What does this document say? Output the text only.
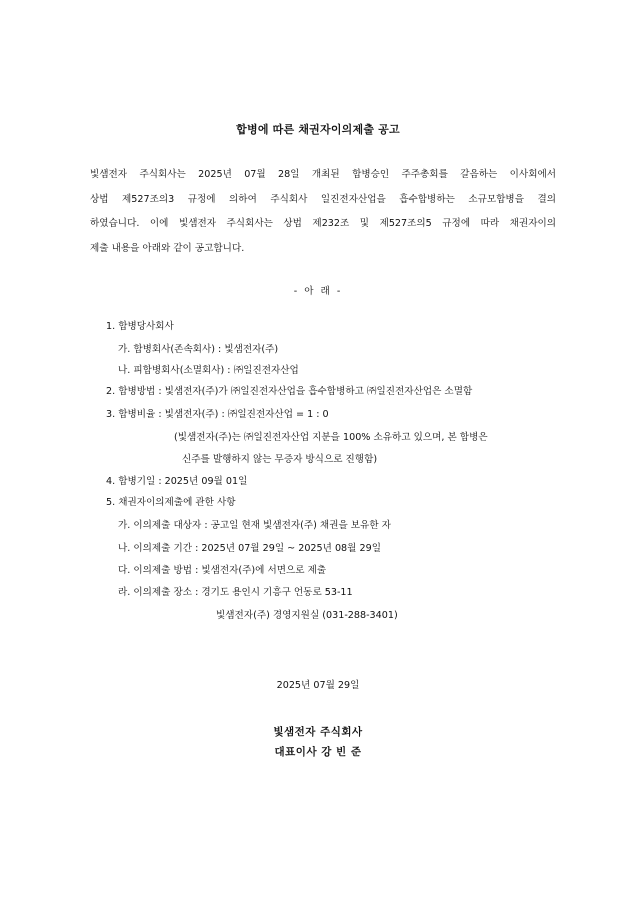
합병에 따른 채권자이의제출 공고

빛샘전자 주식회사는 2025년 07월 28일 개최된 합병승인 주주총회를 갈음하는 이사회에서

상법 제527조의3 규정에 의하여 주식회사 일진전자산업을 흡수합병하는 소규모합병을 결의

하였습니다. 이에 빛샘전자 주식회사는 상법 제232조 및 제527조의5 규정에 따라 채권자이의

제출 내용을 아래와 같이 공고합니다.

- 아 래 -
1. 합병당사회사
가. 합병회사(존속회사) : 빛샘전자(주)
나. 피합병회사(소멸회사) : ㈜일진전자산업
2. 합병방법 : 빛샘전자(주)가 ㈜일진전자산업을 흡수합병하고 ㈜일진전자산업은 소멸함
3. 합병비율 : 빛샘전자(주) : ㈜일진전자산업 = 1 : 0
(빛샘전자(주)는 ㈜일진전자산업 지분을 100% 소유하고 있으며, 본 합병은
신주를 발행하지 않는 무증자 방식으로 진행함)
4. 합병기일 : 2025년 09월 01일
5. 채권자이의제출에 관한 사항
가. 이의제출 대상자 : 공고일 현재 빛샘전자(주) 채권을 보유한 자
나. 이의제출 기간 : 2025년 07월 29일 ~ 2025년 08월 29일
다. 이의제출 방법 : 빛샘전자(주)에 서면으로 제출
라. 이의제출 장소 : 경기도 용인시 기흥구 언동로 53-11
빛샘전자(주) 경영지원실 (031-288-3401)
2025년 07월 29일
빛샘전자 주식회사
대표이사 강 빈 준
